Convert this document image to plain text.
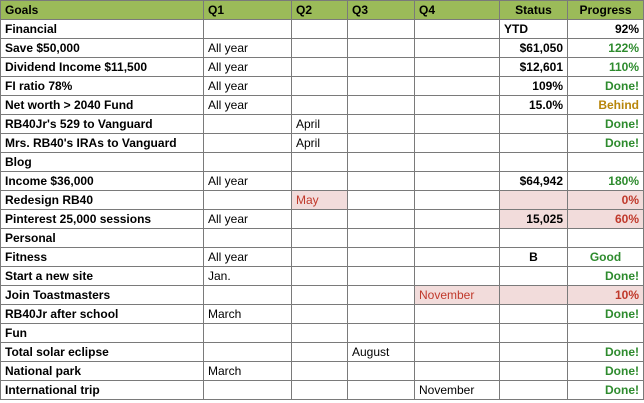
Goals	Q1	Q2	Q3	Q4	Status	Progress
Financial					YTD	92%
Save $50,000	All year				$61,050	122%
Dividend Income $11,500	All year				$12,601	110%
FI ratio 78%	All year				109%	Done!
Net worth > 2040 Fund	All year				15.0%	Behind
RB40Jr's 529 to Vanguard		April				Done!
Mrs. RB40's IRAs to Vanguard		April				Done!
Blog						
Income $36,000	All year				$64,942	180%
Redesign RB40		May				0%
Pinterest 25,000 sessions	All year				15,025	60%
Personal						
Fitness	All year				B	Good
Start a new site	Jan.					Done!
Join Toastmasters				November		10%
RB40Jr after school	March					Done!
Fun						
Total solar eclipse			August			Done!
National park	March					Done!
International trip				November		Done!
